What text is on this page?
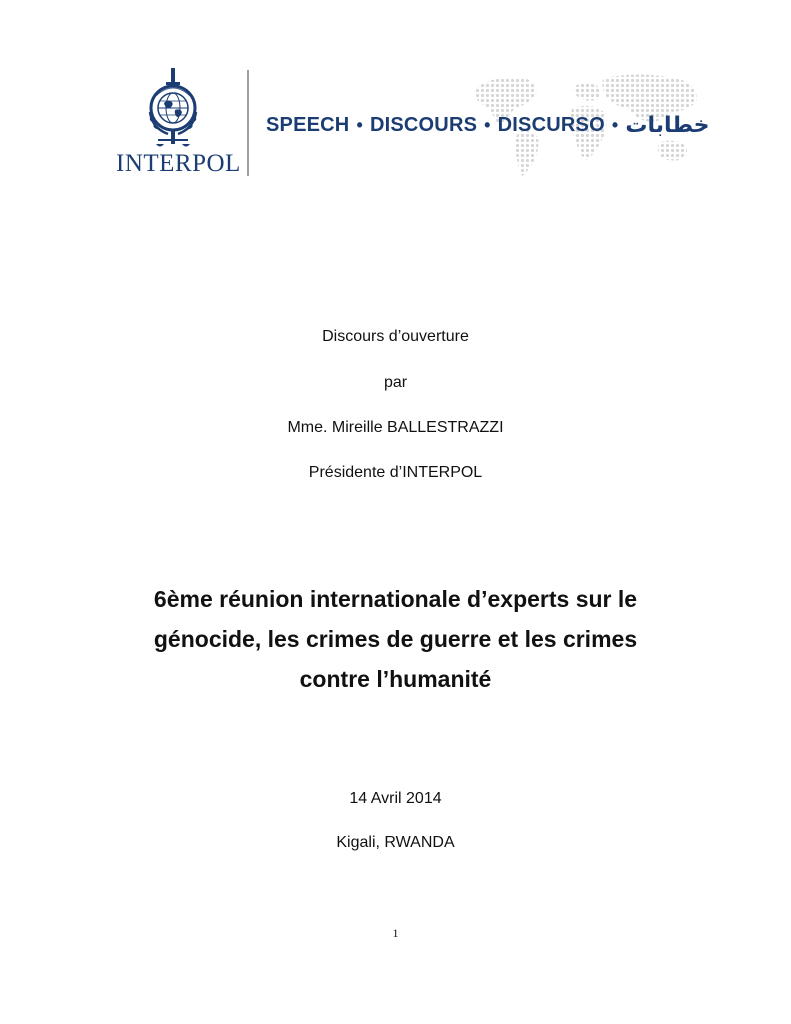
INTERPOL
SPEECH • DISCOURS • DISCURSO • خطابات
Discours d’ouverture
par
Mme. Mireille BALLESTRAZZI
Présidente d’INTERPOL
6ème réunion internationale d’experts sur le
génocide, les crimes de guerre et les crimes
contre l’humanité
14 Avril 2014
Kigali, RWANDA
1
